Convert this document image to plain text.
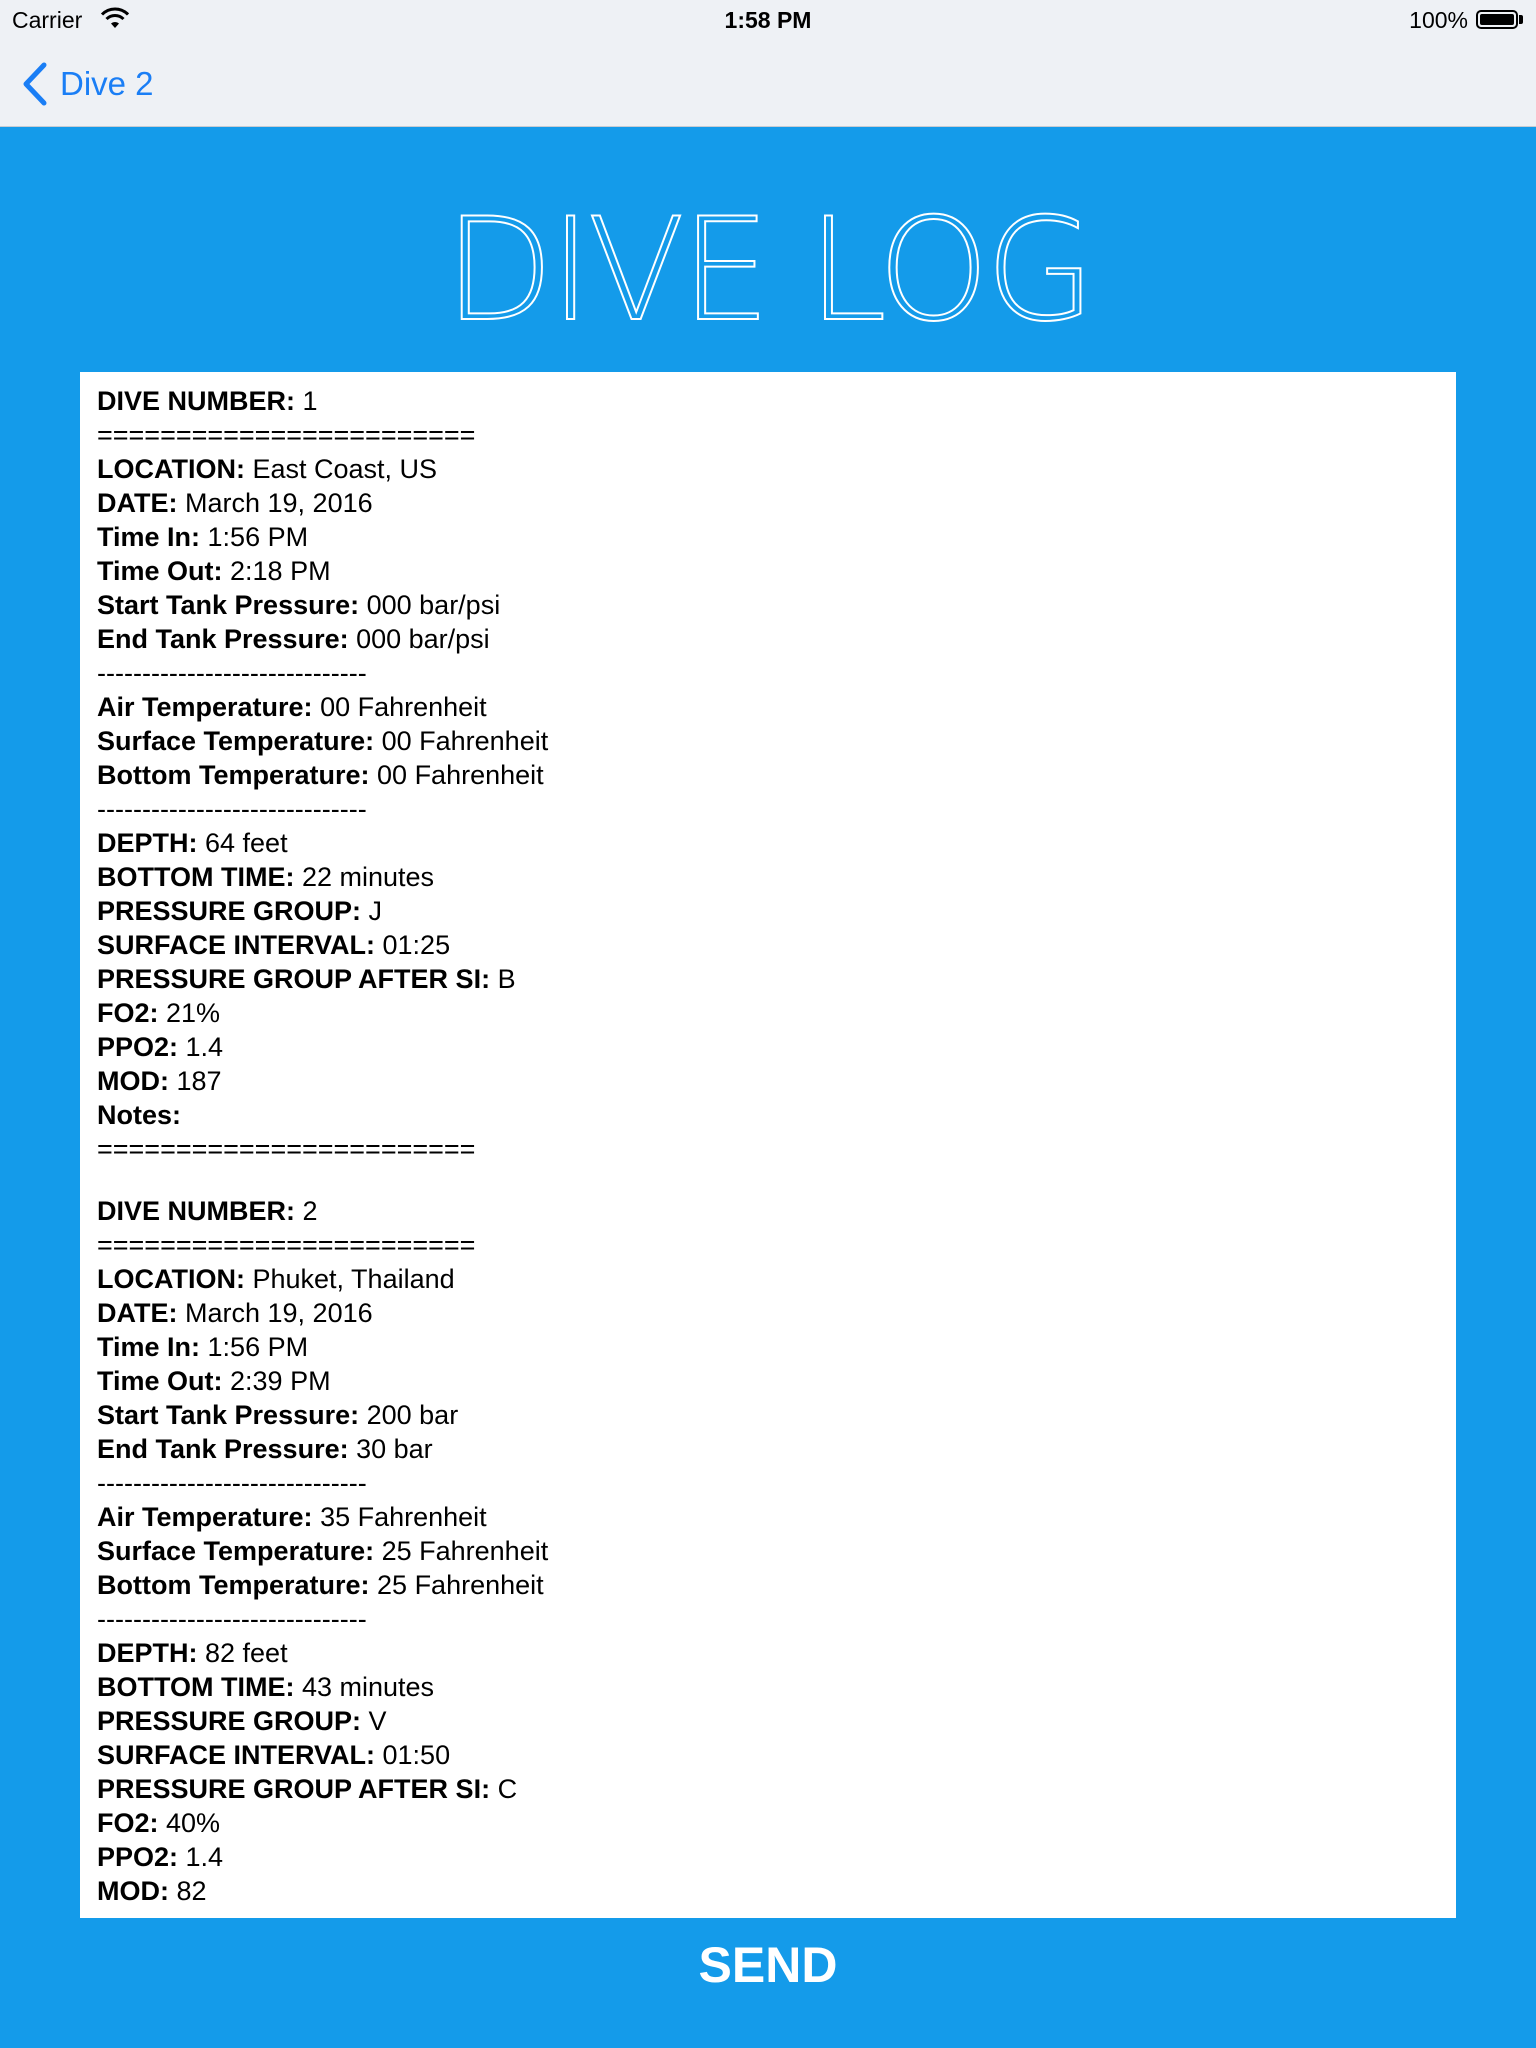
Carrier	1:58 PM	100%
Dive 2
DIVE LOG
DIVE NUMBER: 1
========================
LOCATION: East Coast, US
DATE: March 19, 2016
Time In: 1:56 PM
Time Out: 2:18 PM
Start Tank Pressure: 000 bar/psi
End Tank Pressure: 000 bar/psi
------------------------------
Air Temperature: 00 Fahrenheit
Surface Temperature: 00 Fahrenheit
Bottom Temperature: 00 Fahrenheit
------------------------------
DEPTH: 64 feet
BOTTOM TIME: 22 minutes
PRESSURE GROUP: J
SURFACE INTERVAL: 01:25
PRESSURE GROUP AFTER SI: B
FO2: 21%
PPO2: 1.4
MOD: 187
Notes:
========================
DIVE NUMBER: 2
========================
LOCATION: Phuket, Thailand
DATE: March 19, 2016
Time In: 1:56 PM
Time Out: 2:39 PM
Start Tank Pressure: 200 bar
End Tank Pressure: 30 bar
------------------------------
Air Temperature: 35 Fahrenheit
Surface Temperature: 25 Fahrenheit
Bottom Temperature: 25 Fahrenheit
------------------------------
DEPTH: 82 feet
BOTTOM TIME: 43 minutes
PRESSURE GROUP: V
SURFACE INTERVAL: 01:50
PRESSURE GROUP AFTER SI: C
FO2: 40%
PPO2: 1.4
MOD: 82
SEND
